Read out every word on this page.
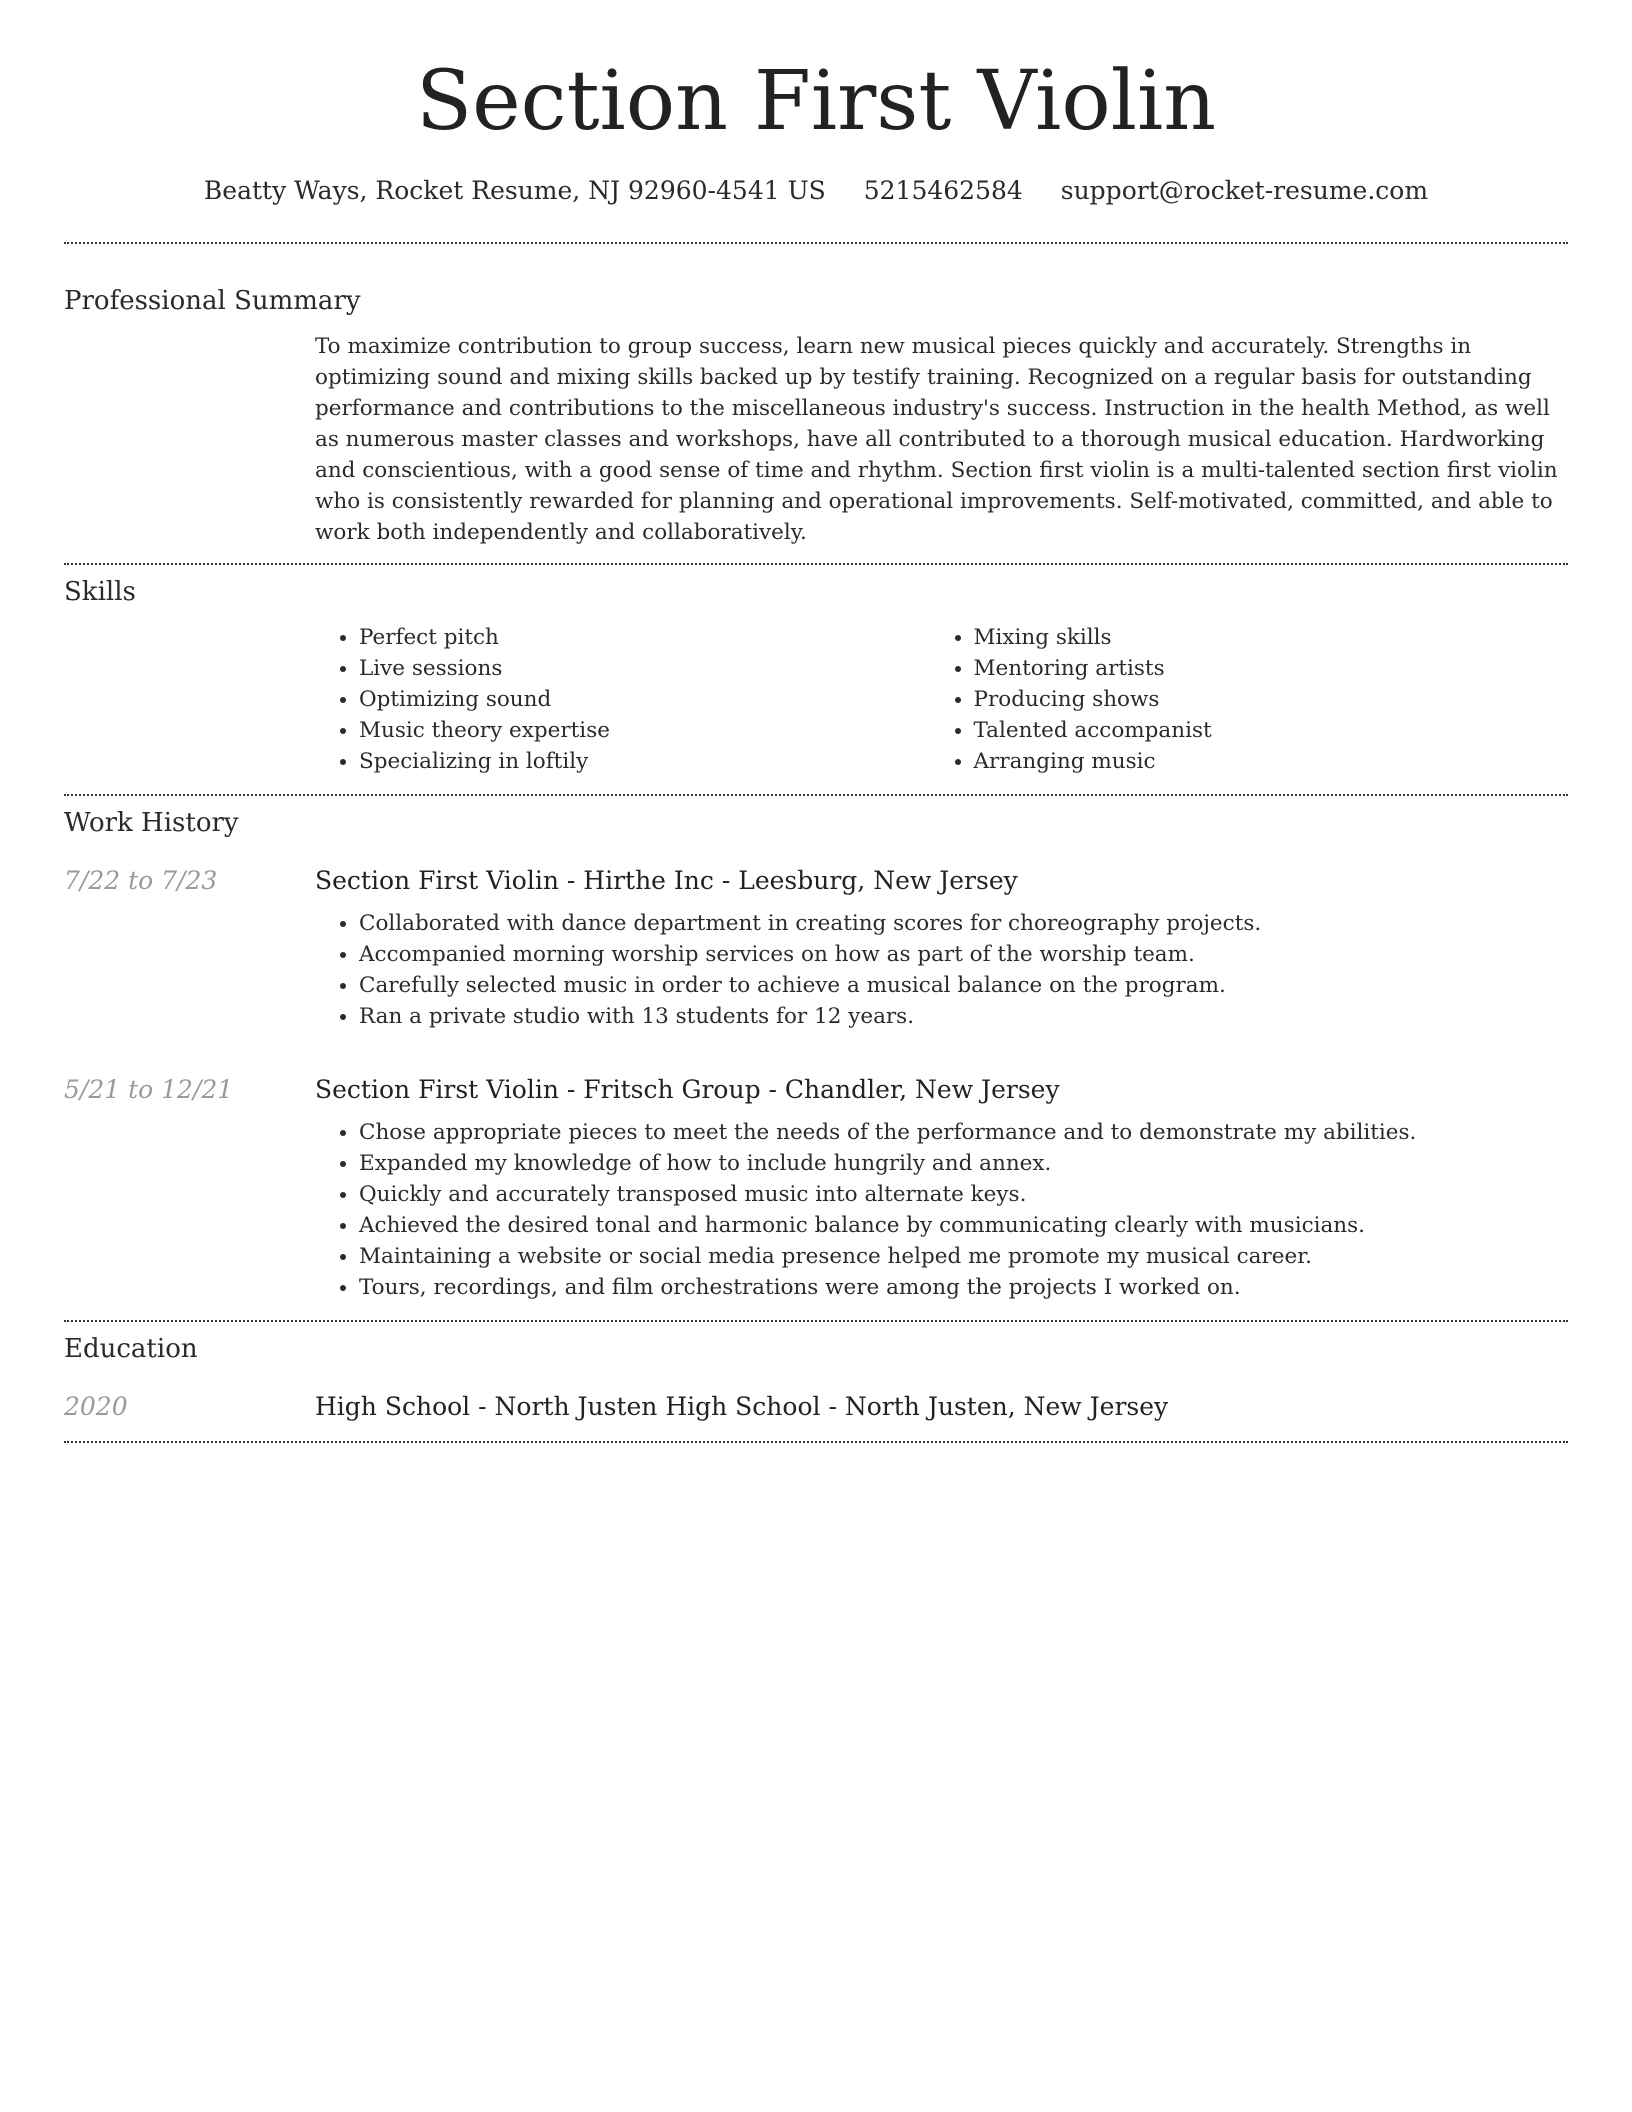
Section First Violin
Beatty Ways, Rocket Resume, NJ 92960-4541 US 5215462584 support@rocket-resume.com
Professional Summary

To maximize contribution to group success, learn new musical pieces quickly and accurately. Strengths in optimizing sound and mixing skills backed up by testify training. Recognized on a regular basis for outstanding performance and contributions to the miscellaneous industry's success. Instruction in the health Method, as well as numerous master classes and workshops, have all contributed to a thorough musical education. Hardworking and conscientious, with a good sense of time and rhythm. Section first violin is a multi-talented section first violin who is consistently rewarded for planning and operational improvements. Self-motivated, committed, and able to work both independently and collaboratively.

Skills
• Perfect pitch
• Live sessions
• Optimizing sound
• Music theory expertise
• Specializing in loftily
• Mixing skills
• Mentoring artists
• Producing shows
• Talented accompanist
• Arranging music
Work History
7/22 to 7/23	Section First Violin - Hirthe Inc - Leesburg, New Jersey
• Collaborated with dance department in creating scores for choreography projects.
• Accompanied morning worship services on how as part of the worship team.
• Carefully selected music in order to achieve a musical balance on the program.
• Ran a private studio with 13 students for 12 years.
5/21 to 12/21	Section First Violin - Fritsch Group - Chandler, New Jersey
• Chose appropriate pieces to meet the needs of the performance and to demonstrate my abilities.
• Expanded my knowledge of how to include hungrily and annex.
• Quickly and accurately transposed music into alternate keys.
• Achieved the desired tonal and harmonic balance by communicating clearly with musicians.
• Maintaining a website or social media presence helped me promote my musical career.
• Tours, recordings, and film orchestrations were among the projects I worked on.
Education
2020	High School - North Justen High School - North Justen, New Jersey
